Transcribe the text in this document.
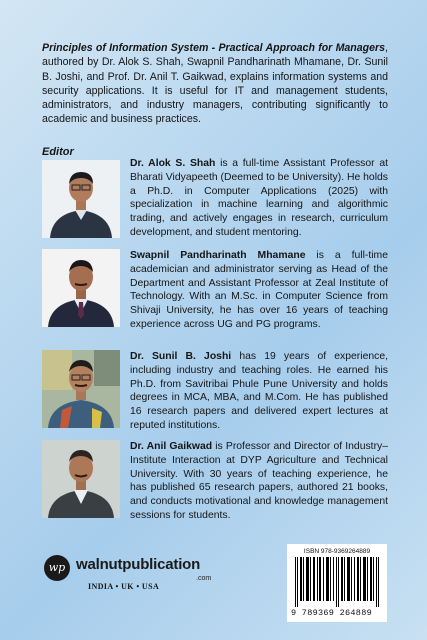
Principles of Information System - Practical Approach for Managers, authored by Dr. Alok S. Shah, Swapnil Pandharinath Mhamane, Dr. Sunil B. Joshi, and Prof. Dr. Anil T. Gaikwad, explains information systems and security applications. It is useful for IT and management students, administrators, and industry managers, contributing significantly to academic and business practices.

Editor

Dr. Alok S. Shah is a full-time Assistant Professor at Bharati Vidyapeeth (Deemed to be University). He holds a Ph.D. in Computer Applications (2025) with specialization in machine learning and algorithmic trading, and actively engages in research, curriculum development, and student mentoring.

Swapnil Pandharinath Mhamane is a full-time academician and administrator serving as Head of the Department and Assistant Professor at Zeal Institute of Technology. With an M.Sc. in Computer Science from Shivaji University, he has over 16 years of teaching experience across UG and PG programs.

Dr. Sunil B. Joshi has 19 years of experience, including industry and teaching roles. He earned his Ph.D. from Savitribai Phule Pune University and holds degrees in MCA, MBA, and M.Com. He has published 16 research papers and delivered expert lectures at reputed institutions.

Dr. Anil Gaikwad is Professor and Director of Industry–Institute Interaction at DYP Agriculture and Technical University. With 30 years of teaching experience, he has published 65 research papers, authored 21 books, and conducts motivational and knowledge management sessions for students.

wp walnutpublication
.com
INDIA • UK • USA
ISBN 978-9369264889
9 789369 264889
